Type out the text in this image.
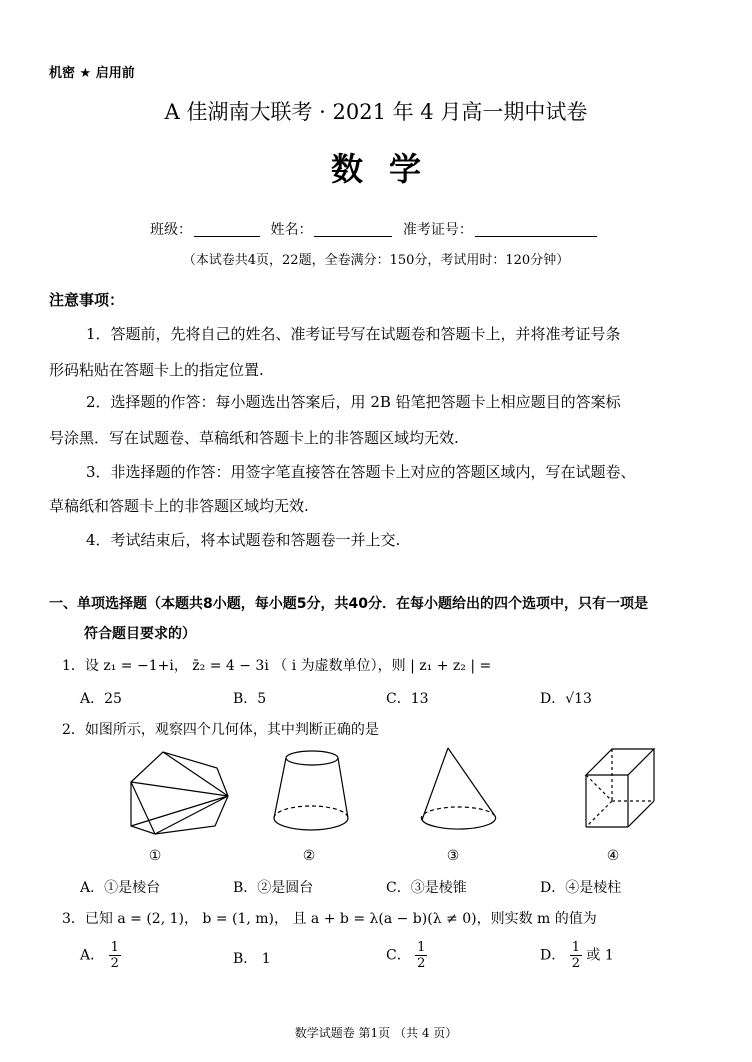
机密 ★ 启用前
A 佳湖南大联考 · 2021 年 4 月高一期中试卷
数学
班级：	姓名：	准考证号：
（本试卷共4页，22题，全卷满分：150分，考试用时：120分钟）
注意事项：
1．答题前，先将自己的姓名、准考证号写在试题卷和答题卡上，并将准考证号条
形码粘贴在答题卡上的指定位置.
2．选择题的作答：每小题选出答案后，用 2B 铅笔把答题卡上相应题目的答案标
号涂黑．写在试题卷、草稿纸和答题卡上的非答题区域均无效.
3．非选择题的作答：用签字笔直接答在答题卡上对应的答题区域内，写在试题卷、
草稿纸和答题卡上的非答题区域均无效.
4．考试结束后，将本试题卷和答题卷一并上交.
一、单项选择题（本题共8小题，每小题5分，共40分．在每小题给出的四个选项中，只有一项是
符合题目要求的）
1．设 z₁ = −1+i， z̄₂ = 4 − 3i （ i 为虚数单位），则 | z₁ + z₂ | =
A．25	B．5	C．13	D．√13
2．如图所示，观察四个几何体，其中判断正确的是
①	②	③	④
A．①是棱台	B．②是圆台	C．③是棱锥	D．④是棱柱
3．已知 a = (2, 1)， b = (1, m)， 且 a + b = λ(a − b)(λ ≠ 0)，则实数 m 的值为
A． $\frac{1}{2}$	B． 1	C． $\frac{1}{2}$	D． $\frac{1}{2}$ 或 1
数学试题卷 第1页 （共 4 页）
